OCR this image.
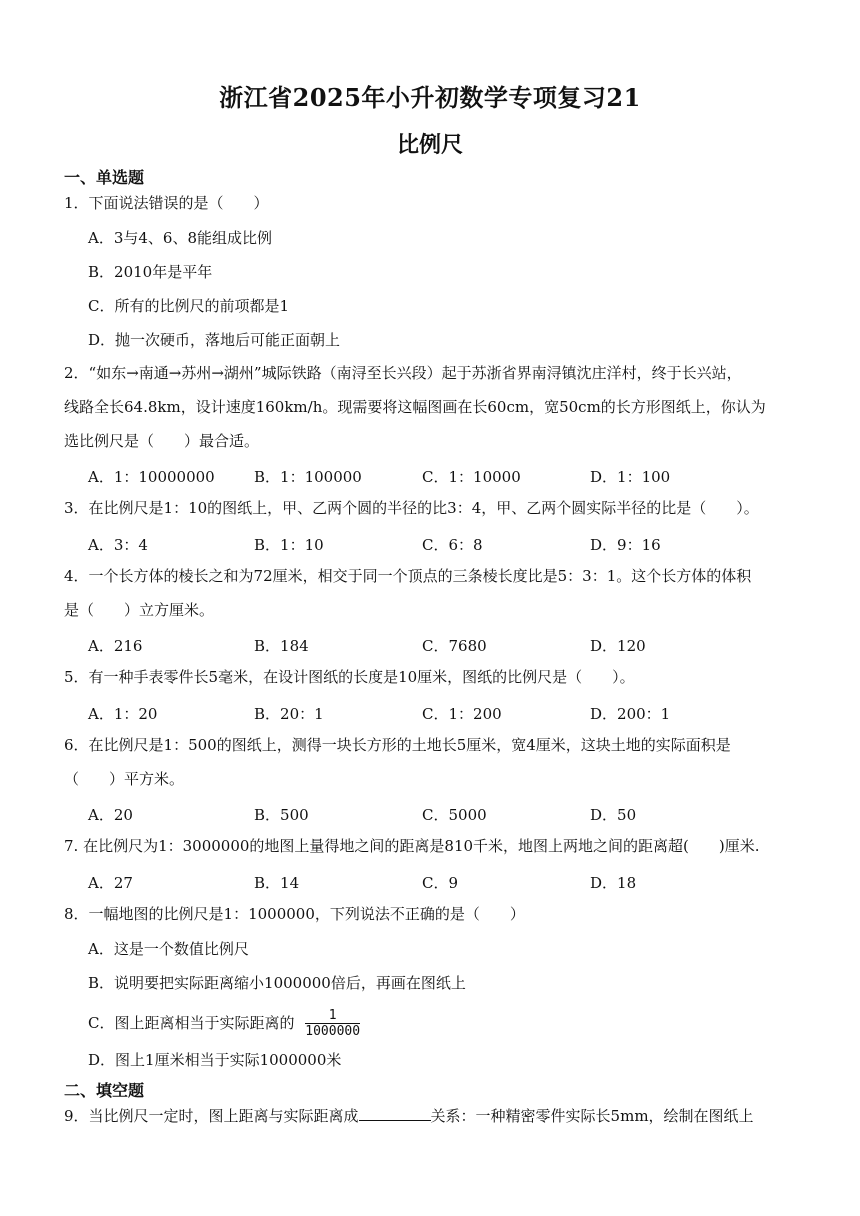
浙江省2025年小升初数学专项复习21
比例尺
一、单选题
1．下面说法错误的是（　　）
A．3与4、6、8能组成比例
B．2010年是平年
C．所有的比例尺的前项都是1
D．抛一次硬币，落地后可能正面朝上
2．“如东→南通→苏州→湖州”城际铁路（南浔至长兴段）起于苏浙省界南浔镇沈庄洋村，终于长兴站，
线路全长64.8km，设计速度160km/h。现需要将这幅图画在长60cm，宽50cm的长方形图纸上，你认为
选比例尺是（　　）最合适。
A．1：10000000	B．1：100000	C．1：10000	D．1：100
3．在比例尺是1：10的图纸上，甲、乙两个圆的半径的比3：4，甲、乙两个圆实际半径的比是（　　）。
A．3：4	B．1：10	C．6：8	D．9：16
4．一个长方体的棱长之和为72厘米，相交于同一个顶点的三条棱长度比是5：3：1。这个长方体的体积
是（　　）立方厘米。
A．216	B．184	C．7680	D．120
5．有一种手表零件长5毫米，在设计图纸的长度是10厘米，图纸的比例尺是（　　）。
A．1：20	B．20：1	C．1：200	D．200：1
6．在比例尺是1：500的图纸上，测得一块长方形的土地长5厘米，宽4厘米，这块土地的实际面积是
（　　）平方米。
A．20	B．500	C．5000	D．50
7. 在比例尺为1：3000000的地图上量得地之间的距离是810千米，地图上两地之间的距离超(　　)厘米.
A．27	B．14	C．9	D．18
8．一幅地图的比例尺是1：1000000，下列说法不正确的是（　　）
A．这是一个数值比例尺
B．说明要把实际距离缩小1000000倍后，再画在图纸上
C．图上距离相当于实际距离的 $\frac{1}{1000000}$
D．图上1厘米相当于实际1000000米
二、填空题
9．当比例尺一定时，图上距离与实际距离成	关系：一种精密零件实际长5mm，绘制在图纸上
